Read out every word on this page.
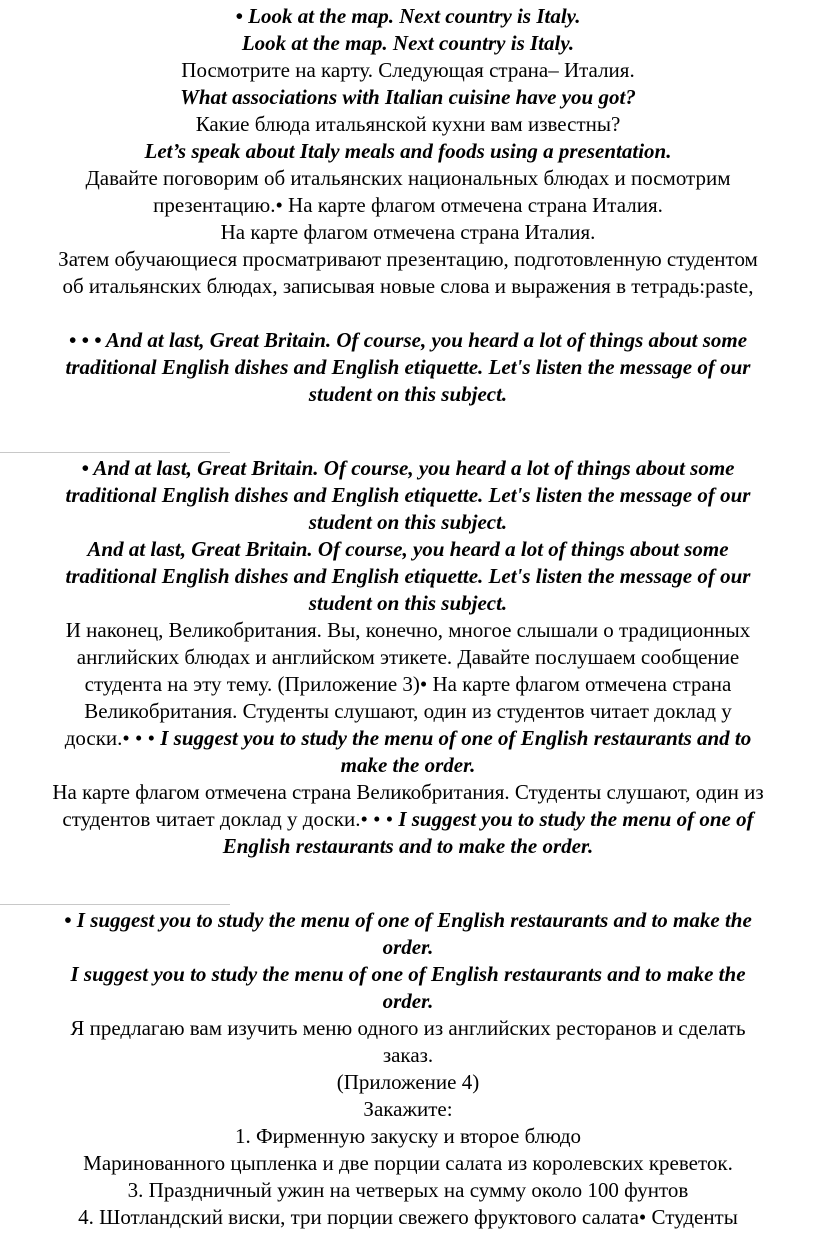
• Look at the map. Next country is Italy.
Look at the map. Next country is Italy.
Посмотрите на карту. Следующая страна– Италия.
What associations with Italian cuisine have you got?
Какие блюда итальянской кухни вам известны?
Let’s speak about Italy meals and foods using a presentation.
Давайте поговорим об итальянских национальных блюдах и посмотрим
презентацию.• На карте флагом отмечена страна Италия.
На карте флагом отмечена страна Италия.
Затем обучающиеся просматривают презентацию, подготовленную студентом
об итальянских блюдах, записывая новые слова и выражения в тетрадь:paste,
• • • And at last, Great Britain. Of course, you heard a lot of things about some
traditional English dishes and English etiquette. Let's listen the message of our
student on this subject.
• And at last, Great Britain. Of course, you heard a lot of things about some
traditional English dishes and English etiquette. Let's listen the message of our
student on this subject.
And at last, Great Britain. Of course, you heard a lot of things about some
traditional English dishes and English etiquette. Let's listen the message of our
student on this subject.
И наконец, Великобритания. Вы, конечно, многое слышали о традиционных
английских блюдах и английском этикете. Давайте послушаем сообщение
студента на эту тему. (Приложение 3)• На карте флагом отмечена страна
Великобритания. Студенты слушают, один из студентов читает доклад у
доски.• • • I suggest you to study the menu of one of English restaurants and to
make the order.
На карте флагом отмечена страна Великобритания. Студенты слушают, один из
студентов читает доклад у доски.• • • I suggest you to study the menu of one of
English restaurants and to make the order.
• I suggest you to study the menu of one of English restaurants and to make the
order.
I suggest you to study the menu of one of English restaurants and to make the
order.
Я предлагаю вам изучить меню одного из английских ресторанов и сделать
заказ.
(Приложение 4)
Закажите:
1. Фирменную закуску и второе блюдо
Маринованного цыпленка и две порции салата из королевских креветок.
3. Праздничный ужин на четверых на сумму около 100 фунтов
4. Шотландский виски, три порции свежего фруктового салата• Студенты
